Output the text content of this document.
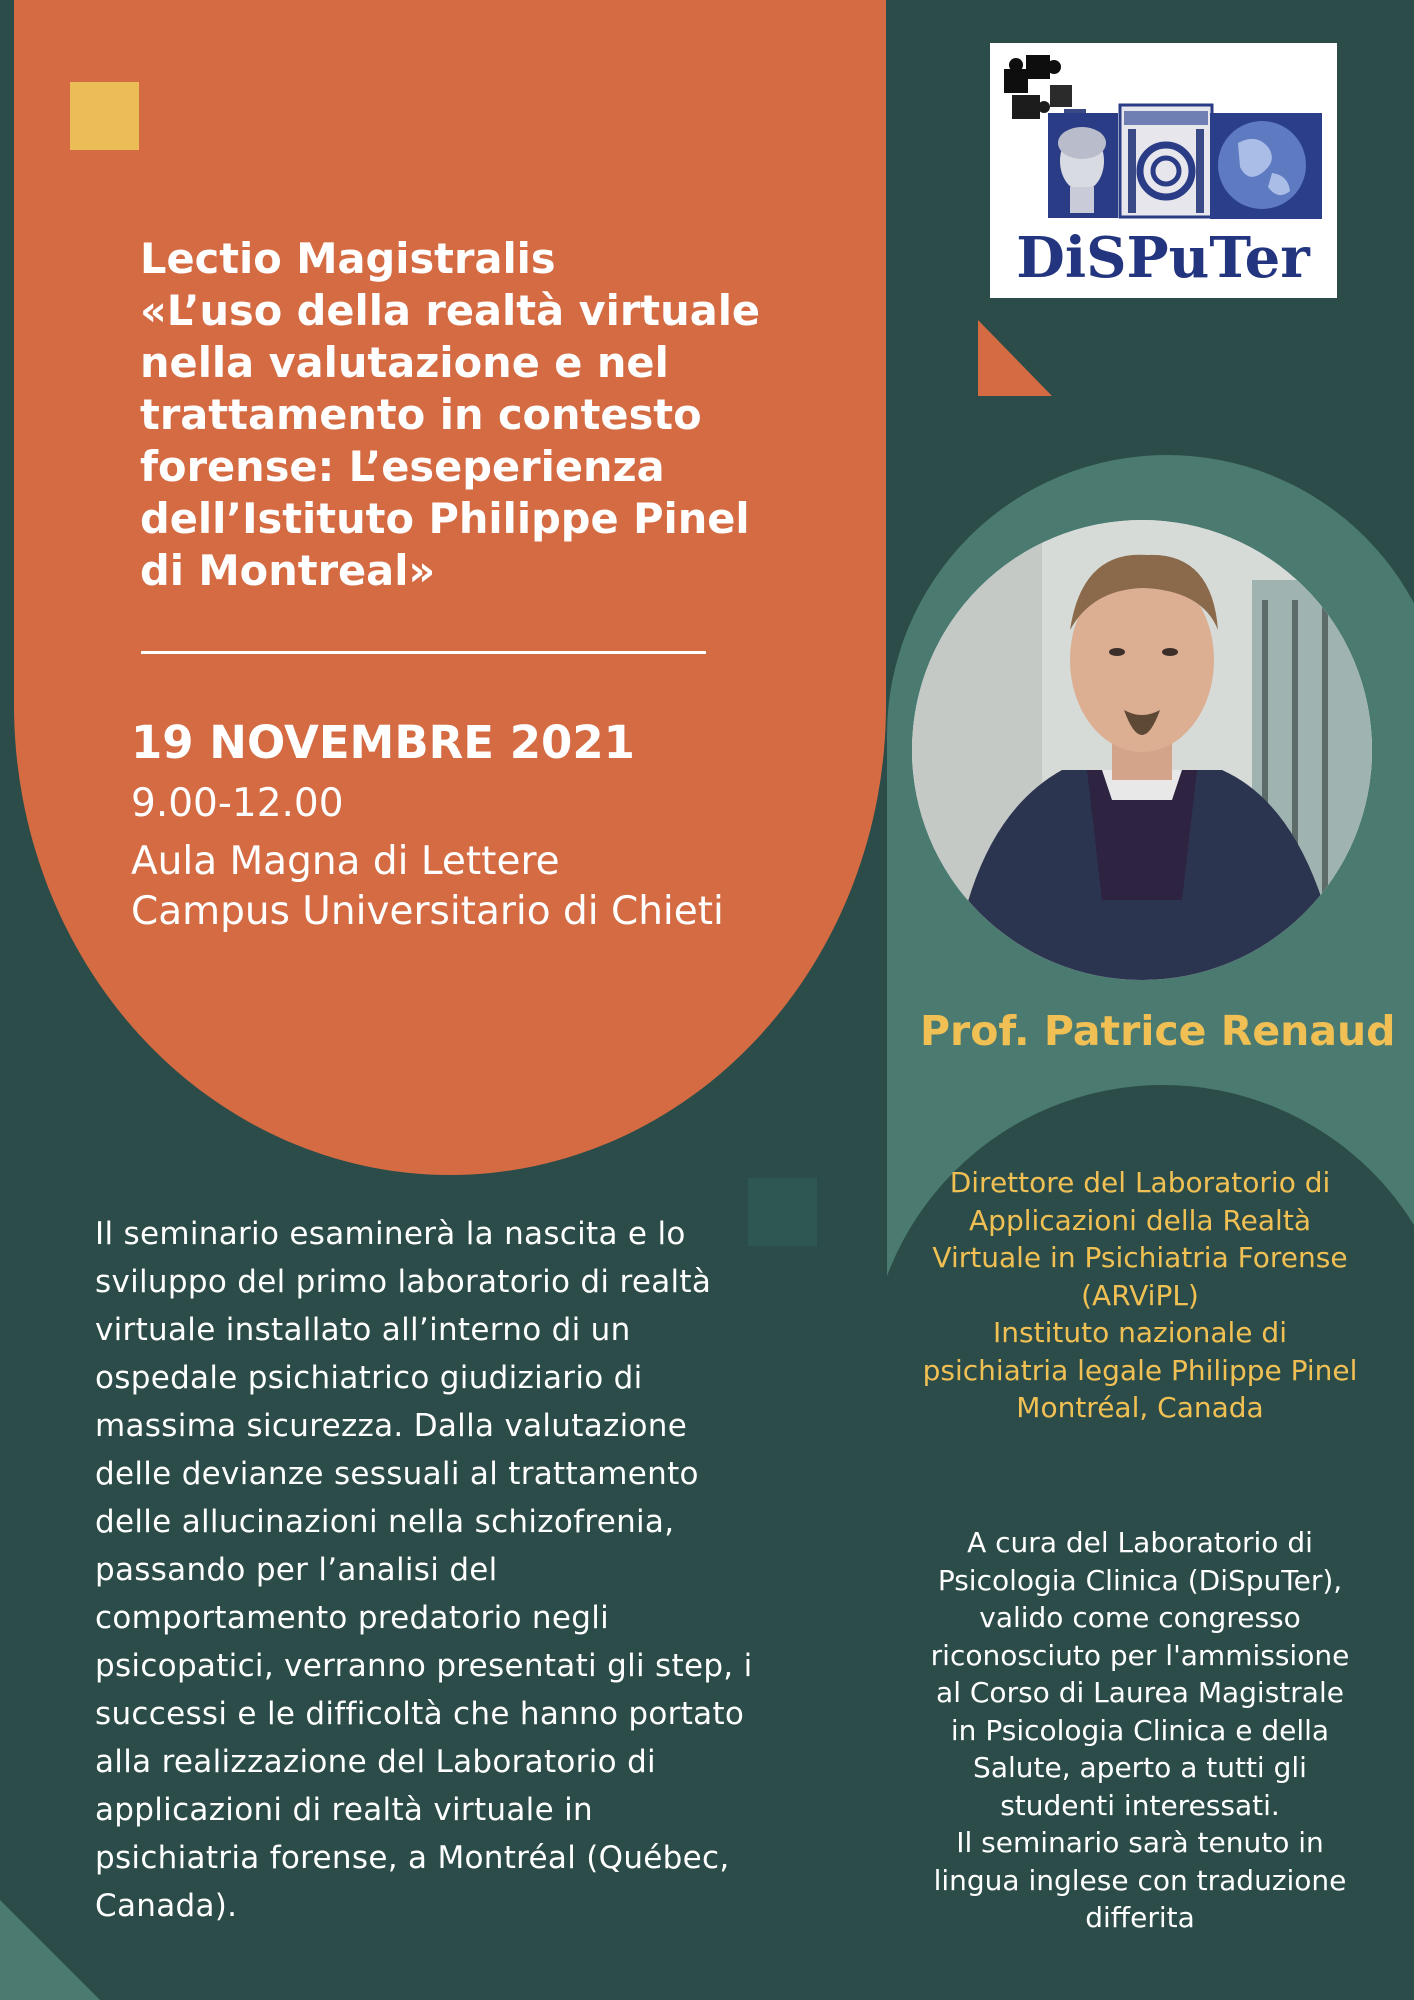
DiSPuTer
Lectio Magistralis
«L’uso della realtà virtuale
nella valutazione e nel
trattamento in contesto
forense: L’eseperienza
dell’Istituto Philippe Pinel
di Montreal»
19 NOVEMBRE 2021
9.00-12.00
Aula Magna di Lettere
Campus Universitario di Chieti
Prof. Patrice Renaud
Direttore del Laboratorio di
Applicazioni della Realtà
Virtuale in Psichiatria Forense
(ARViPL)
Instituto nazionale di
psichiatria legale Philippe Pinel
Montréal, Canada
Il seminario esaminerà la nascita e lo
sviluppo del primo laboratorio di realtà
virtuale installato all’interno di un
ospedale psichiatrico giudiziario di
massima sicurezza. Dalla valutazione
delle devianze sessuali al trattamento
delle allucinazioni nella schizofrenia,
passando per l’analisi del
comportamento predatorio negli
psicopatici, verranno presentati gli step, i
successi e le difficoltà che hanno portato
alla realizzazione del Laboratorio di
applicazioni di realtà virtuale in
psichiatria forense, a Montréal (Québec,
Canada).
A cura del Laboratorio di
Psicologia Clinica (DiSpuTer),
valido come congresso
riconosciuto per l'ammissione
al Corso di Laurea Magistrale
in Psicologia Clinica e della
Salute, aperto a tutti gli
studenti interessati.
Il seminario sarà tenuto in
lingua inglese con traduzione
differita
